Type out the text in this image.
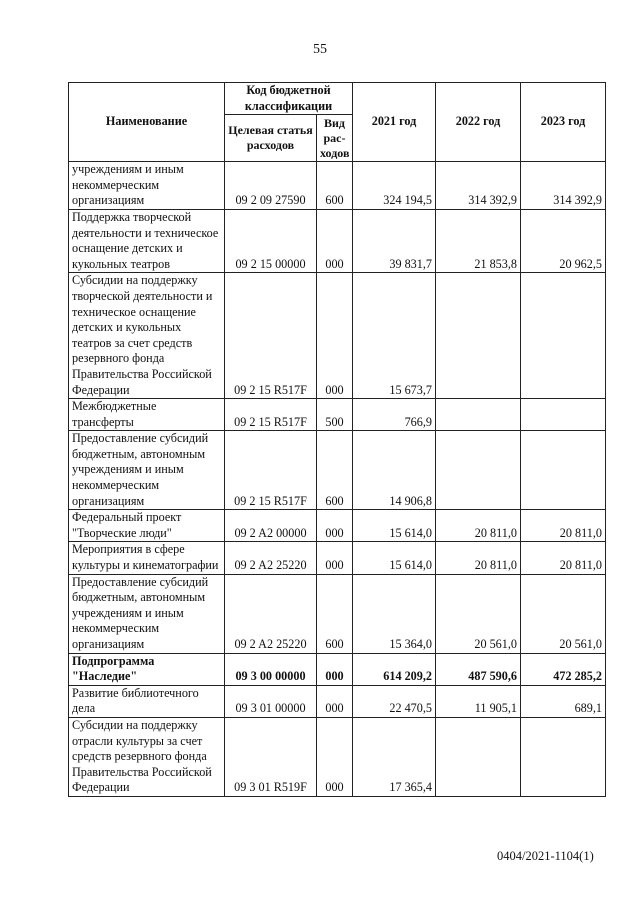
55
Наименование	Код бюджетной классификации		2021 год	2022 год	2023 год
	Целевая статья расходов	Вид рас-ходов			
учреждениям и иным некоммерческим организациям	09 2 09 27590	600	324 194,5	314 392,9	314 392,9
Поддержка творческой деятельности и техническое оснащение детских и кукольных театров	09 2 15 00000	000	39 831,7	21 853,8	20 962,5
Субсидии на поддержку творческой деятельности и техническое оснащение детских и кукольных театров за счет средств резервного фонда Правительства Российской Федерации	09 2 15 R517F	000	15 673,7		
Межбюджетные трансферты	09 2 15 R517F	500	766,9		
Предоставление субсидий бюджетным, автономным учреждениям и иным некоммерческим организациям	09 2 15 R517F	600	14 906,8		
Федеральный проект "Творческие люди"	09 2 A2 00000	000	15 614,0	20 811,0	20 811,0
Мероприятия в сфере культуры и кинематографии	09 2 A2 25220	000	15 614,0	20 811,0	20 811,0
Предоставление субсидий бюджетным, автономным учреждениям и иным некоммерческим организациям	09 2 A2 25220	600	15 364,0	20 561,0	20 561,0
Подпрограмма "Наследие"	09 3 00 00000	000	614 209,2	487 590,6	472 285,2
Развитие библиотечного дела	09 3 01 00000	000	22 470,5	11 905,1	689,1
Субсидии на поддержку отрасли культуры за счет средств резервного фонда Правительства Российской Федерации	09 3 01 R519F	000	17 365,4		
0404/2021-1104(1)
